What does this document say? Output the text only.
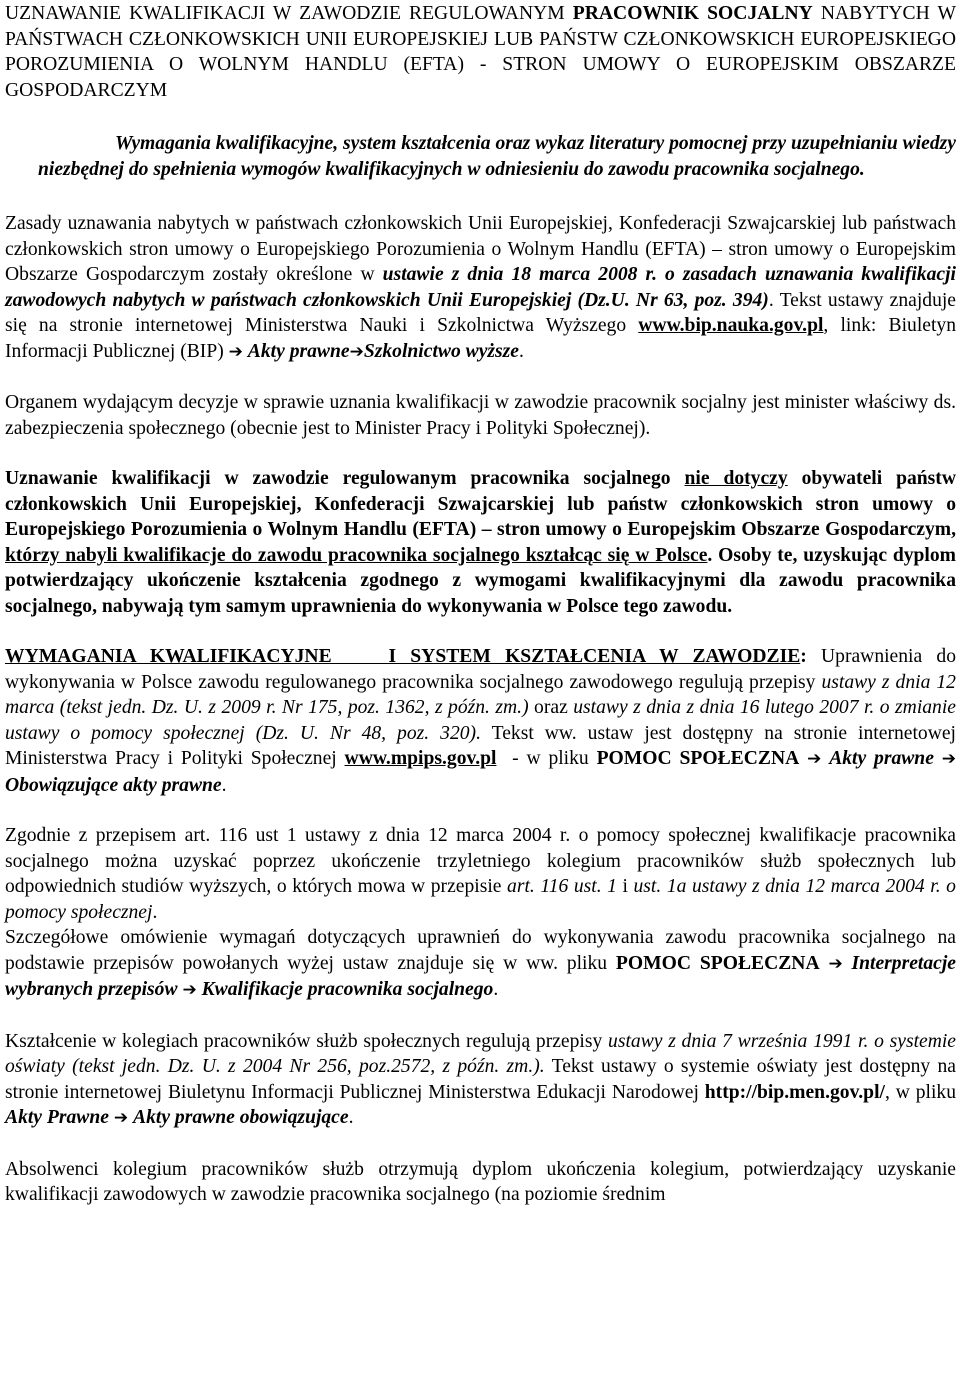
UZNAWANIE KWALIFIKACJI W ZAWODZIE REGULOWANYM PRACOWNIK SOCJALNY NABYTYCH W PAŃSTWACH CZŁONKOWSKICH UNII EUROPEJSKIEJ LUB PAŃSTW CZŁONKOWSKICH EUROPEJSKIEGO POROZUMIENIA O WOLNYM HANDLU (EFTA) - STRON UMOWY O EUROPEJSKIM OBSZARZE GOSPODARCZYM

Wymagania kwalifikacyjne, system kształcenia oraz wykaz literatury pomocnej przy uzupełnianiu wiedzy niezbędnej do spełnienia wymogów kwalifikacyjnych w odniesieniu do zawodu pracownika socjalnego.

Zasady uznawania nabytych w państwach członkowskich Unii Europejskiej, Konfederacji Szwajcarskiej lub państwach członkowskich stron umowy o Europejskiego Porozumienia o Wolnym Handlu (EFTA) – stron umowy o Europejskim Obszarze Gospodarczym zostały określone w ustawie z dnia 18 marca 2008 r. o zasadach uznawania kwalifikacji zawodowych nabytych w państwach członkowskich Unii Europejskiej (Dz.U. Nr 63, poz. 394). Tekst ustawy znajduje się na stronie internetowej Ministerstwa Nauki i Szkolnictwa Wyższego www.bip.nauka.gov.pl, link: Biuletyn Informacji Publicznej (BIP) ➔ Akty prawne➔Szkolnictwo wyższe.

Organem wydającym decyzje w sprawie uznania kwalifikacji w zawodzie pracownik socjalny jest minister właściwy ds. zabezpieczenia społecznego (obecnie jest to Minister Pracy i Polityki Społecznej).

Uznawanie kwalifikacji w zawodzie regulowanym pracownika socjalnego nie dotyczy obywateli państw członkowskich Unii Europejskiej, Konfederacji Szwajcarskiej lub państw członkowskich stron umowy o Europejskiego Porozumienia o Wolnym Handlu (EFTA) – stron umowy o Europejskim Obszarze Gospodarczym, którzy nabyli kwalifikacje do zawodu pracownika socjalnego kształcąc się w Polsce. Osoby te, uzyskując dyplom potwierdzający ukończenie kształcenia zgodnego z wymogami kwalifikacyjnymi dla zawodu pracownika socjalnego, nabywają tym samym uprawnienia do wykonywania w Polsce tego zawodu.

WYMAGANIA KWALIFIKACYJNE    I SYSTEM KSZTAŁCENIA W ZAWODZIE: Uprawnienia do wykonywania w Polsce zawodu regulowanego pracownika socjalnego zawodowego regulują przepisy ustawy z dnia 12 marca (tekst jedn. Dz. U. z 2009 r. Nr 175, poz. 1362, z późn. zm.) oraz ustawy z dnia z dnia 16 lutego 2007 r. o zmianie ustawy o pomocy społecznej (Dz. U. Nr 48, poz. 320). Tekst ww. ustaw jest dostępny na stronie internetowej Ministerstwa Pracy i Polityki Społecznej www.mpips.gov.pl  - w pliku POMOC SPOŁECZNA ➔ Akty prawne ➔ Obowiązujące akty prawne.

Zgodnie z przepisem art. 116 ust 1 ustawy z dnia 12 marca 2004 r. o pomocy społecznej kwalifikacje pracownika socjalnego można uzyskać poprzez ukończenie trzyletniego kolegium pracowników służb społecznych lub odpowiednich studiów wyższych, o których mowa w przepisie art. 116 ust. 1 i ust. 1a ustawy z dnia 12 marca 2004 r. o pomocy społecznej.

Szczegółowe omówienie wymagań dotyczących uprawnień do wykonywania zawodu pracownika socjalnego na podstawie przepisów powołanych wyżej ustaw znajduje się w ww. pliku POMOC SPOŁECZNA ➔ Interpretacje wybranych przepisów ➔ Kwalifikacje pracownika socjalnego.

Kształcenie w kolegiach pracowników służb społecznych regulują przepisy ustawy z dnia 7 września 1991 r. o systemie oświaty (tekst jedn. Dz. U. z 2004 Nr 256, poz.2572, z późn. zm.). Tekst ustawy o systemie oświaty jest dostępny na stronie internetowej Biuletynu Informacji Publicznej Ministerstwa Edukacji Narodowej http://bip.men.gov.pl/, w pliku Akty Prawne ➔ Akty prawne obowiązujące.

Absolwenci kolegium pracowników służb otrzymują dyplom ukończenia kolegium, potwierdzający uzyskanie kwalifikacji zawodowych w zawodzie pracownika socjalnego (na poziomie średnim
